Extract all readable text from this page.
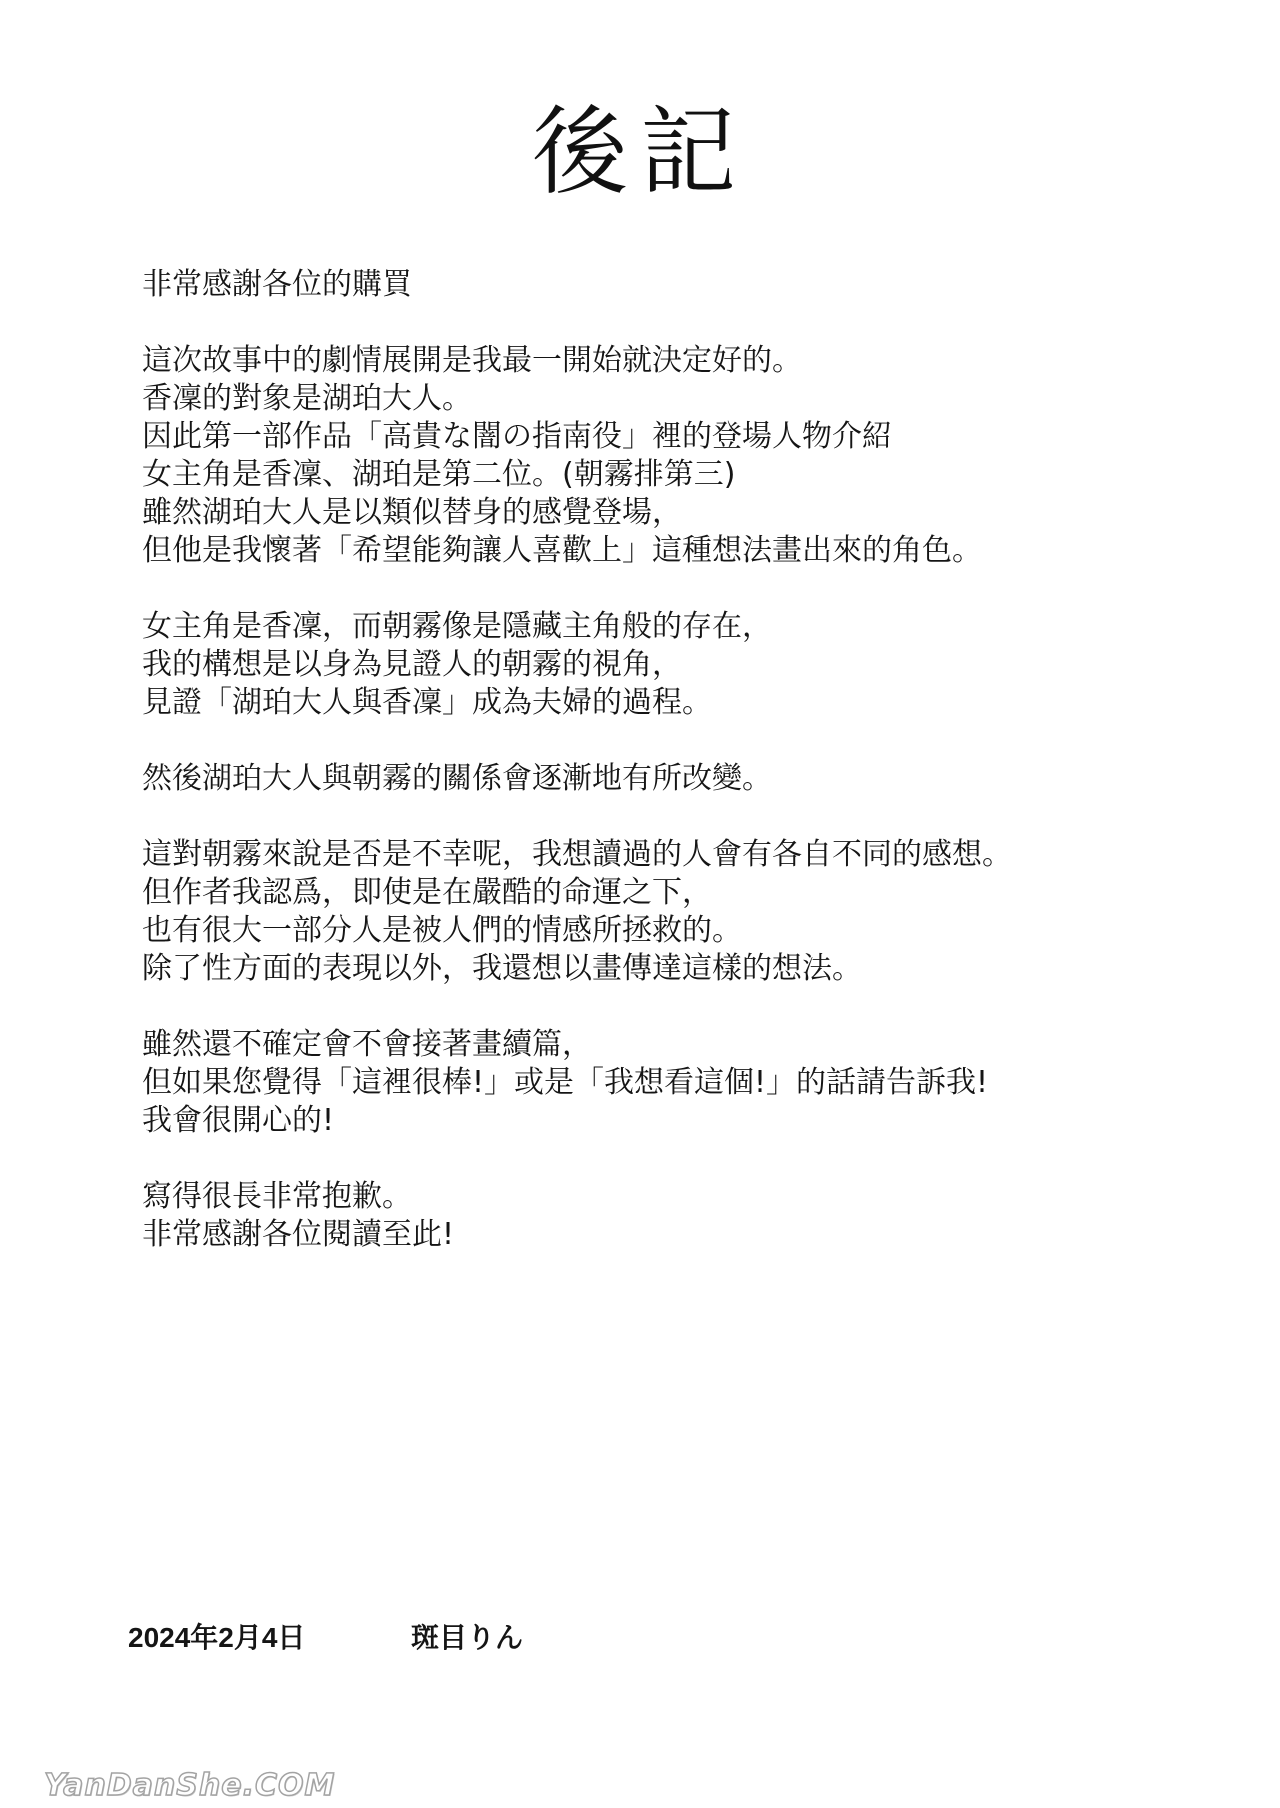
後記
非常感謝各位的購買
這次故事中的劇情展開是我最一開始就決定好的。
香凜的對象是湖珀大人。
因此第一部作品「高貴な闇の指南役」裡的登場人物介紹
女主角是香凜、湖珀是第二位。(朝霧排第三)
雖然湖珀大人是以類似替身的感覺登場，
但他是我懷著「希望能夠讓人喜歡上」這種想法畫出來的角色。
女主角是香凜，而朝霧像是隱藏主角般的存在，
我的構想是以身為見證人的朝霧的視角，
見證「湖珀大人與香凜」成為夫婦的過程。
然後湖珀大人與朝霧的關係會逐漸地有所改變。
這對朝霧來說是否是不幸呢，我想讀過的人會有各自不同的感想。
但作者我認爲，即使是在嚴酷的命運之下，
也有很大一部分人是被人們的情感所拯救的。
除了性方面的表現以外，我還想以畫傳達這樣的想法。
雖然還不確定會不會接著畫續篇，
但如果您覺得「這裡很棒!」或是「我想看這個!」的話請告訴我!
我會很開心的!
寫得很長非常抱歉。
非常感謝各位閱讀至此!
2024年2月4日	斑目りん
YanDanShe.COM
